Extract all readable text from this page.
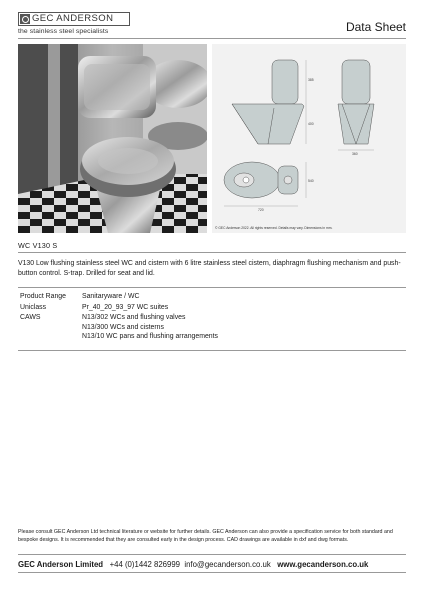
GEC ANDERSON
the stainless steel specialists	Data Sheet
385
400
360
720
540
© GEC Anderson 2022. All rights reserved. Details may vary. Dimensions in mm.
WC V130 S
V130 Low flushing stainless steel WC and cistern with 6 litre stainless steel cistern, diaphragm flushing mechanism and push-button control. S-trap. Drilled for seat and lid.
Product Range	Sanitaryware / WC
Uniclass	Pr_40_20_93_97 WC suites
CAWS	N13/302 WCs and flushing valves
N13/300 WCs and cisterns
N13/10 WC pans and flushing arrangements
Please consult GEC Anderson Ltd technical literature or website for further details. GEC Anderson can also provide a specification service for both standard and bespoke designs. It is recommended that they are consulted early in the design process. CAD drawings are available in dxf and dwg formats.
GEC Anderson Limited +44 (0)1442 826999 info@gecanderson.co.uk www.gecanderson.co.uk
